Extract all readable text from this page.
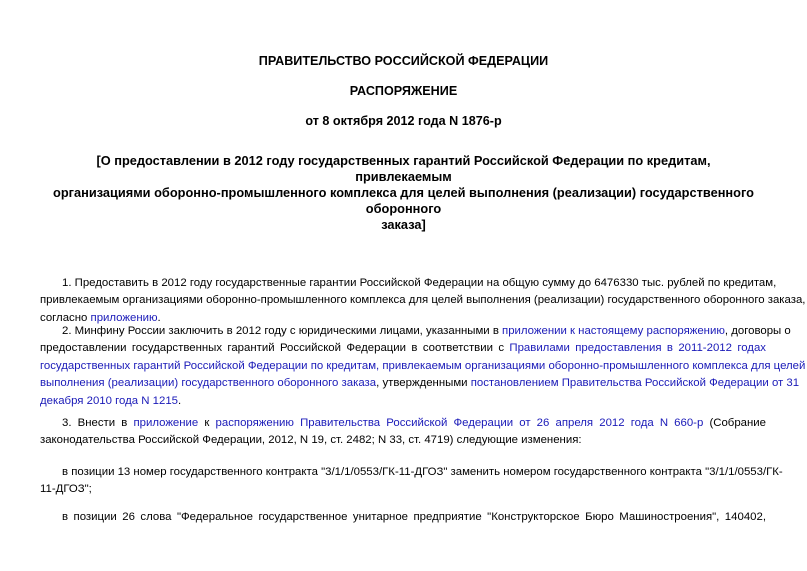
ПРАВИТЕЛЬСТВО РОССИЙСКОЙ ФЕДЕРАЦИИ
РАСПОРЯЖЕНИЕ
от 8 октября 2012 года N 1876-р
[О предоставлении в 2012 году государственных гарантий Российской Федерации по кредитам,
привлекаемым
организациями оборонно-промышленного комплекса для целей выполнения (реализации) государственного
оборонного
заказа]
1. Предоставить в 2012 году государственные гарантии Российской Федерации на общую сумму до 6476330 тыс. рублей по кредитам,
привлекаемым организациями оборонно-промышленного комплекса для целей выполнения (реализации) государственного оборонного заказа,
согласно приложению.
2. Минфину России заключить в 2012 году с юридическими лицами, указанными в приложении к настоящему распоряжению, договоры о
предоставлении государственных гарантий Российской Федерации в соответствии с Правилами предоставления в 2011-2012 годах
государственных гарантий Российской Федерации по кредитам, привлекаемым организациями оборонно-промышленного комплекса для целей
выполнения (реализации) государственного оборонного заказа, утвержденными постановлением Правительства Российской Федерации от 31
декабря 2010 года N 1215.
3. Внести в приложение к распоряжению Правительства Российской Федерации от 26 апреля 2012 года N 660-р (Собрание
законодательства Российской Федерации, 2012, N 19, ст. 2482; N 33, ст. 4719) следующие изменения:
в позиции 13 номер государственного контракта "3/1/1/0553/ГК-11-ДГОЗ" заменить номером государственного контракта "3/1/1/0553/ГК-
11-ДГОЗ";
в позиции 26 слова "Федеральное государственное унитарное предприятие "Конструкторское Бюро Машиностроения", 140402,
